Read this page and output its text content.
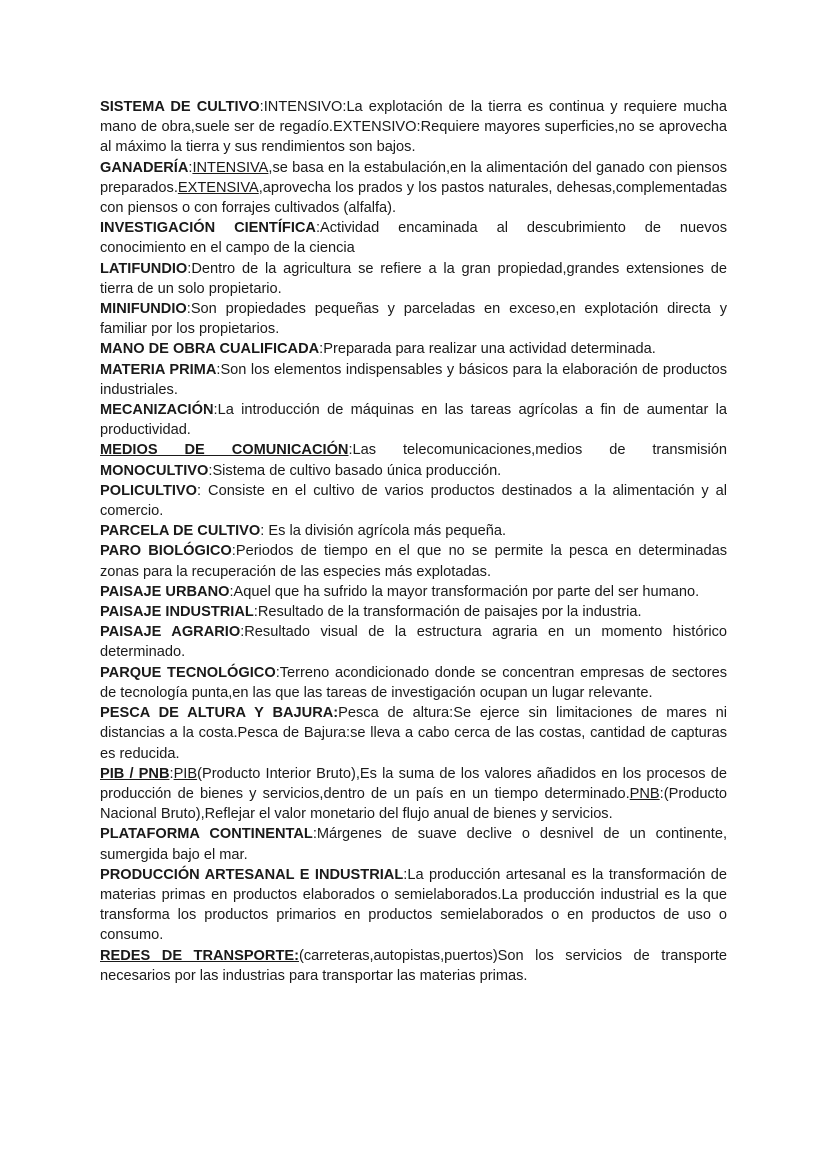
SISTEMA DE CULTIVO:INTENSIVO:La explotación de la tierra es continua y requiere mucha mano de obra,suele ser de regadío.EXTENSIVO:Requiere mayores superficies,no se aprovecha al máximo la tierra y sus rendimientos son bajos.

GANADERÍA:INTENSIVA,se basa en la estabulación,en la alimentación del ganado con piensos preparados.EXTENSIVA,aprovecha los prados y los pastos naturales, dehesas,complementadas con piensos o con forrajes cultivados (alfalfa).

INVESTIGACIÓN CIENTÍFICA:Actividad encaminada al descubrimiento de nuevos conocimiento en el campo de la ciencia

LATIFUNDIO:Dentro de la agricultura se refiere a la gran propiedad,grandes extensiones de tierra de un solo propietario.

MINIFUNDIO:Son propiedades pequeñas y parceladas en exceso,en explotación directa y familiar por los propietarios.

MANO DE OBRA CUALIFICADA:Preparada para realizar una actividad determinada.

MATERIA PRIMA:Son los elementos indispensables y básicos para la elaboración de productos industriales.

MECANIZACIÓN:La introducción de máquinas en las tareas agrícolas a fin de aumentar la productividad.

MEDIOS DE COMUNICACIÓN:Las telecomunicaciones,medios de transmisión

MONOCULTIVO:Sistema de cultivo basado única producción.

POLICULTIVO: Consiste en el cultivo de varios productos destinados a la alimentación y al comercio.

PARCELA DE CULTIVO: Es la división agrícola más pequeña.

PARO BIOLÓGICO:Periodos de tiempo en el que no se permite la pesca en determinadas zonas para la recuperación de las especies más explotadas.

PAISAJE URBANO:Aquel que ha sufrido la mayor transformación por parte del ser humano.

PAISAJE INDUSTRIAL:Resultado de la transformación de paisajes por la industria.

PAISAJE AGRARIO:Resultado visual de la estructura agraria en un momento histórico determinado.

PARQUE TECNOLÓGICO:Terreno acondicionado donde se concentran empresas de sectores de tecnología punta,en las que las tareas de investigación ocupan un lugar relevante.

PESCA DE ALTURA Y BAJURA:Pesca de altura:Se ejerce sin limitaciones de mares ni distancias a la costa.Pesca de Bajura:se lleva a cabo cerca de las costas, cantidad de capturas es reducida.

PIB / PNB:PIB(Producto Interior Bruto),Es la suma de los valores añadidos en los procesos de producción de bienes y servicios,dentro de un país en un tiempo determinado.PNB:(Producto Nacional Bruto),Reflejar el valor monetario del flujo anual de bienes y servicios.

PLATAFORMA CONTINENTAL:Márgenes de suave declive o desnivel de un continente, sumergida bajo el mar.

PRODUCCIÓN ARTESANAL E INDUSTRIAL:La producción artesanal es la transformación de materias primas en productos elaborados o semielaborados.La producción industrial es la que transforma los productos primarios en productos semielaborados o en productos de uso o consumo.

REDES DE TRANSPORTE:(carreteras,autopistas,puertos)Son los servicios de transporte necesarios por las industrias para transportar las materias primas.
